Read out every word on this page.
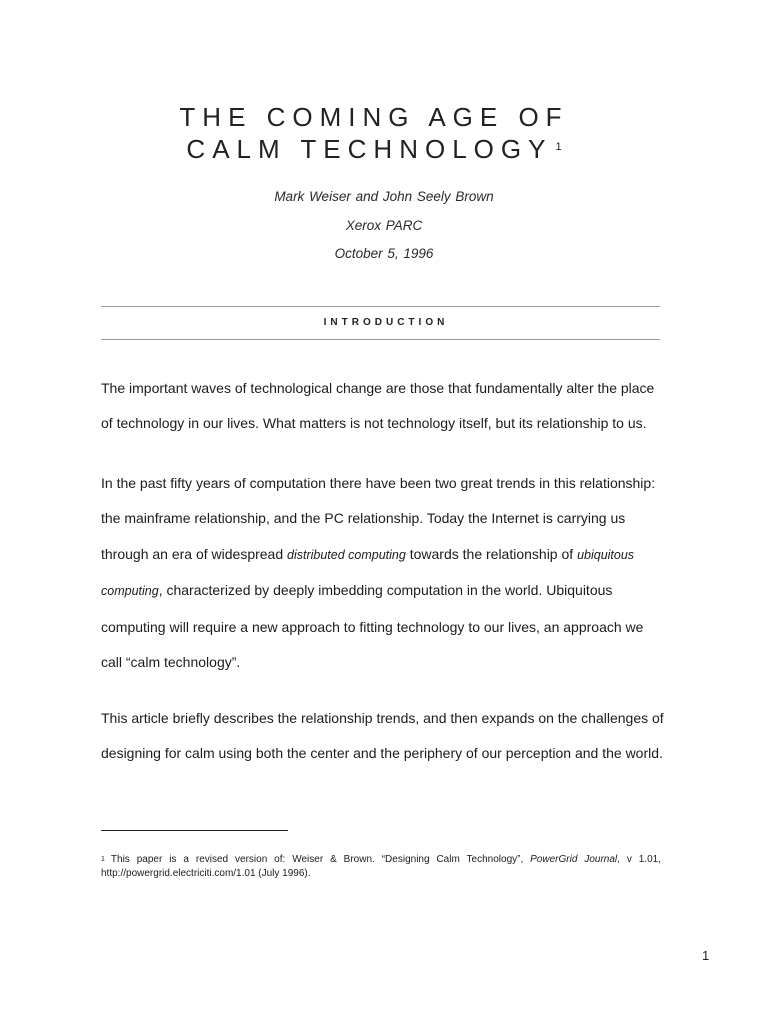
THE COMING AGE OF
CALM TECHNOLOGY $^1$
Mark Weiser and John Seely Brown
Xerox PARC
October 5, 1996
INTRODUCTION

The important waves of technological change are those that fundamentally alter the place of technology in our lives. What matters is not technology itself, but its relationship to us.

In the past fifty years of computation there have been two great trends in this relationship: the mainframe relationship, and the PC relationship. Today the Internet is carrying us through an era of widespread distributed computing towards the relationship of ubiquitous computing, characterized by deeply imbedding computation in the world. Ubiquitous computing will require a new approach to fitting technology to our lives, an approach we call “calm technology”.

This article briefly describes the relationship trends, and then expands on the challenges of designing for calm using both the center and the periphery of our perception and the world.

$^1$ This paper is a revised version of: Weiser & Brown. “Designing Calm Technology”, PowerGrid Journal, v 1.01, http://powergrid.electriciti.com/1.01 (July 1996).
1
